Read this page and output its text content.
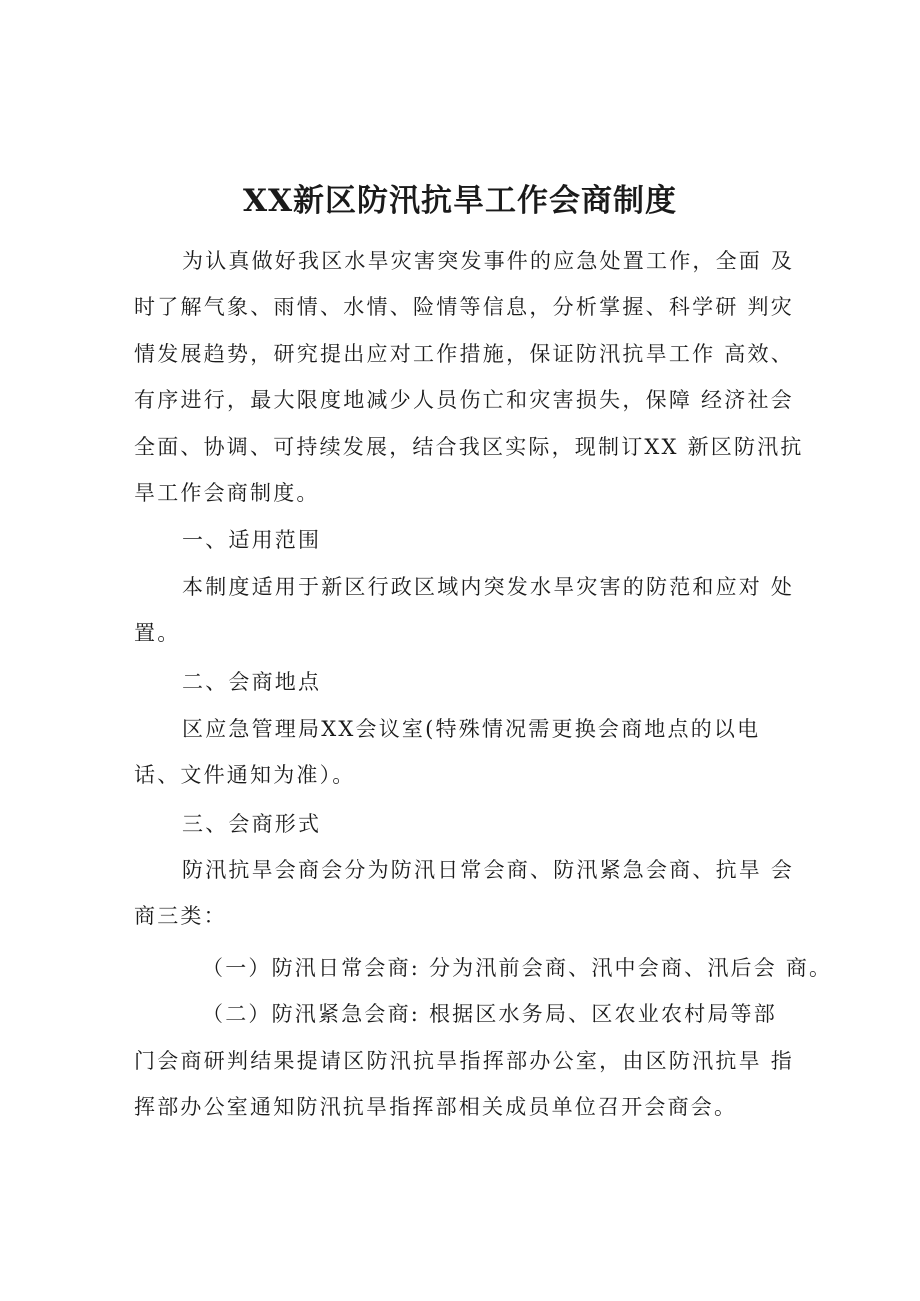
XX新区防汛抗旱工作会商制度
为认真做好我区水旱灾害突发事件的应急处置工作，全面 及
时了解气象、雨情、水情、险情等信息，分析掌握、科学研 判灾
情发展趋势，研究提出应对工作措施，保证防汛抗旱工作 高效、
有序进行，最大限度地减少人员伤亡和灾害损失，保障 经济社会
全面、协调、可持续发展，结合我区实际，现制订XX 新区防汛抗
旱工作会商制度。
一、适用范围
本制度适用于新区行政区域内突发水旱灾害的防范和应对 处
置。
二、会商地点
区应急管理局XX会议室(特殊情况需更换会商地点的以电
话、文件通知为准）。
三、会商形式
防汛抗旱会商会分为防汛日常会商、防汛紧急会商、抗旱 会
商三类：
（一）防汛日常会商: 分为汛前会商、汛中会商、汛后会 商。
（二）防汛紧急会商: 根据区水务局、区农业农村局等部
门会商研判结果提请区防汛抗旱指挥部办公室，由区防汛抗旱 指
挥部办公室通知防汛抗旱指挥部相关成员单位召开会商会。
